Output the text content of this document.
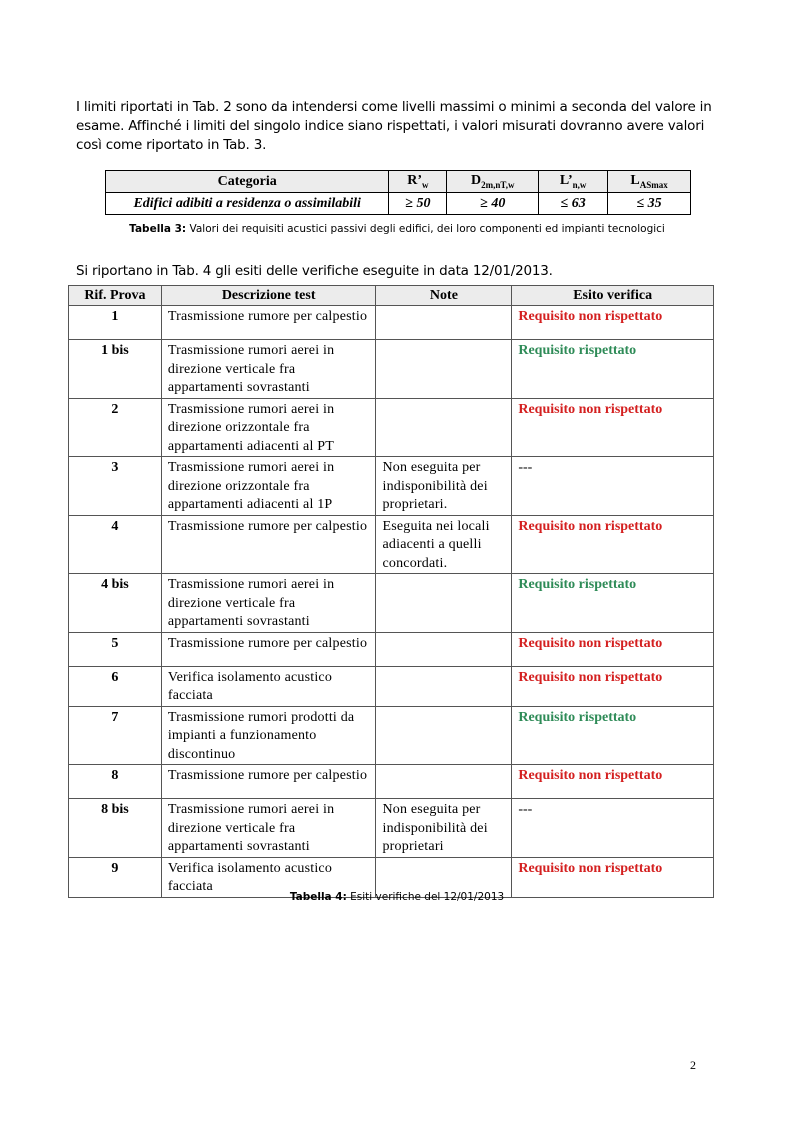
I limiti riportati in Tab. 2 sono da intendersi come livelli massimi o minimi a seconda del valore in
esame. Affinché i limiti del singolo indice siano rispettati, i valori misurati dovranno avere valori
così come riportato in Tab. 3.
Categoria	$R’_w$	$D_{2m,nT,w}$	$L’_{n,w}$	$L_{ASmax}$
Edifici adibiti a residenza o assimilabili	≥ 50	≥ 40	≤ 63	≤ 35
Tabella 3: Valori dei requisiti acustici passivi degli edifici, dei loro componenti ed impianti tecnologici
Si riportano in Tab. 4 gli esiti delle verifiche eseguite in data 12/01/2013.
Rif. Prova	Descrizione test	Note	Esito verifica
1	Trasmissione rumore per calpestio		Requisito non rispettato
1 bis	Trasmissione rumori aerei in direzione verticale fra appartamenti sovrastanti		Requisito rispettato
2	Trasmissione rumori aerei in direzione orizzontale fra appartamenti adiacenti al PT		Requisito non rispettato
3	Trasmissione rumori aerei in direzione orizzontale fra appartamenti adiacenti al 1P	Non eseguita per indisponibilità dei proprietari.	---
4	Trasmissione rumore per calpestio	Eseguita nei locali adiacenti a quelli concordati.	Requisito non rispettato
4 bis	Trasmissione rumori aerei in direzione verticale fra appartamenti sovrastanti		Requisito rispettato
5	Trasmissione rumore per calpestio		Requisito non rispettato
6	Verifica isolamento acustico facciata		Requisito non rispettato
7	Trasmissione rumori prodotti da impianti a funzionamento discontinuo		Requisito rispettato
8	Trasmissione rumore per calpestio		Requisito non rispettato
8 bis	Trasmissione rumori aerei in direzione verticale fra appartamenti sovrastanti	Non eseguita per indisponibilità dei proprietari	---
9	Verifica isolamento acustico facciata		Requisito non rispettato
Tabella 4: Esiti verifiche del 12/01/2013
2
